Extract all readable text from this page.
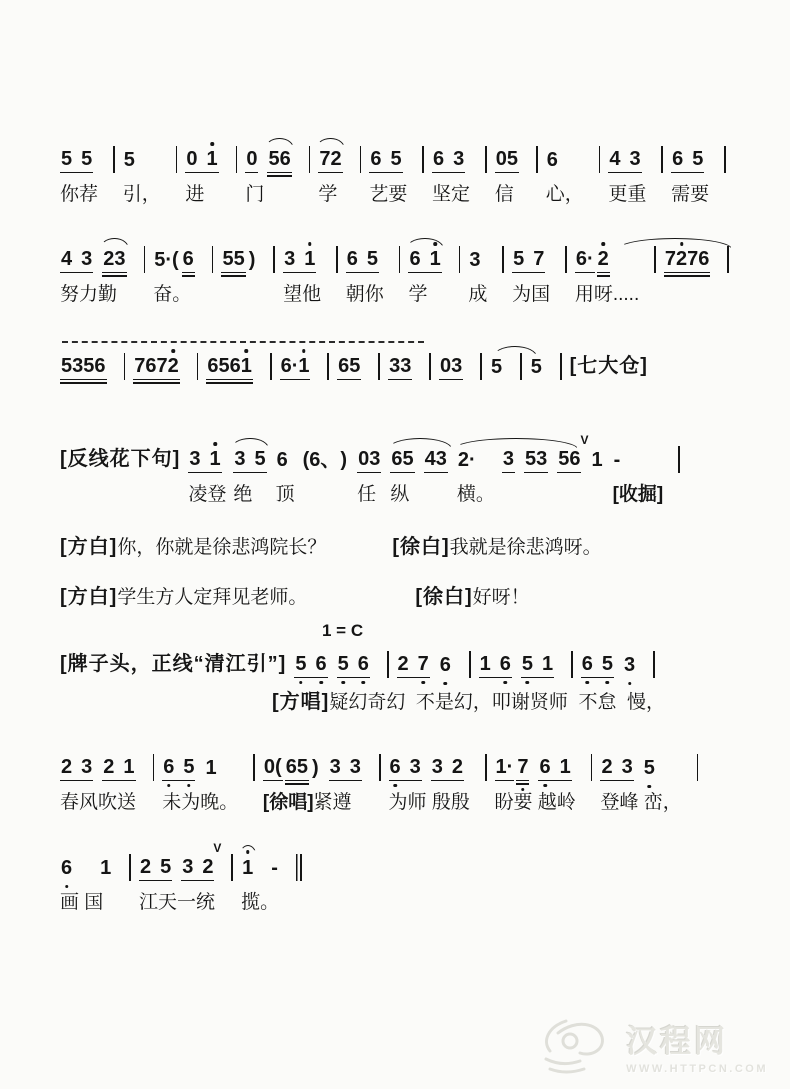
5 5
你荐
5
引，
0 1
进
0 5 6
门
7 2
学
6 5
艺要
6 3
坚定
0 5
信
6
心，
4 3
更重
6 5
需要
4 3 2 3
努力勤
5 · ( 6
奋。
5 5 ) 3 1
望他
6 5
朝你
6 1
学
3
成
5 7
为国
6 · 2
用呀.....
7 2 7 6
5 3 5 6 7 6 7 2 6 5 6 1 6 · 1 6 5 3 3 0 3 5 5 [七大仓]
[反线花下句] 3 1
凌登
3 5
绝
6
顶
( 6 、 ) 0 3
任
6 5
纵
4 3 2 ·
横。
3 5 3 5 6
V
1 -
[收掘]
[方白]你，你就是徐悲鸿院长？	[徐白]我就是徐悲鸿呀。
[方白]学生方人定拜见老师。	[徐白]好呀！
1 = C
[牌子头，正线“清江引”] 5 6 5 6 2 7 6 1 6 5 1 6 5 3
[方唱]疑幻奇幻  不是幻，叩谢贤师  不怠  慢，
2 3 2 1
春风吹送
6 5 1
未为晚。
0 ( 6 5 ) 3 3
[徐唱]紧遵
6 3 3 2
为师 殷殷
1 · 7 6 1
盼要 越岭
2 3 5
登峰 峦，
6 1
画 国
2 5 3 2
V
江天一统
1 -
揽。
汉程网
WWW.HTTPCN.COM
